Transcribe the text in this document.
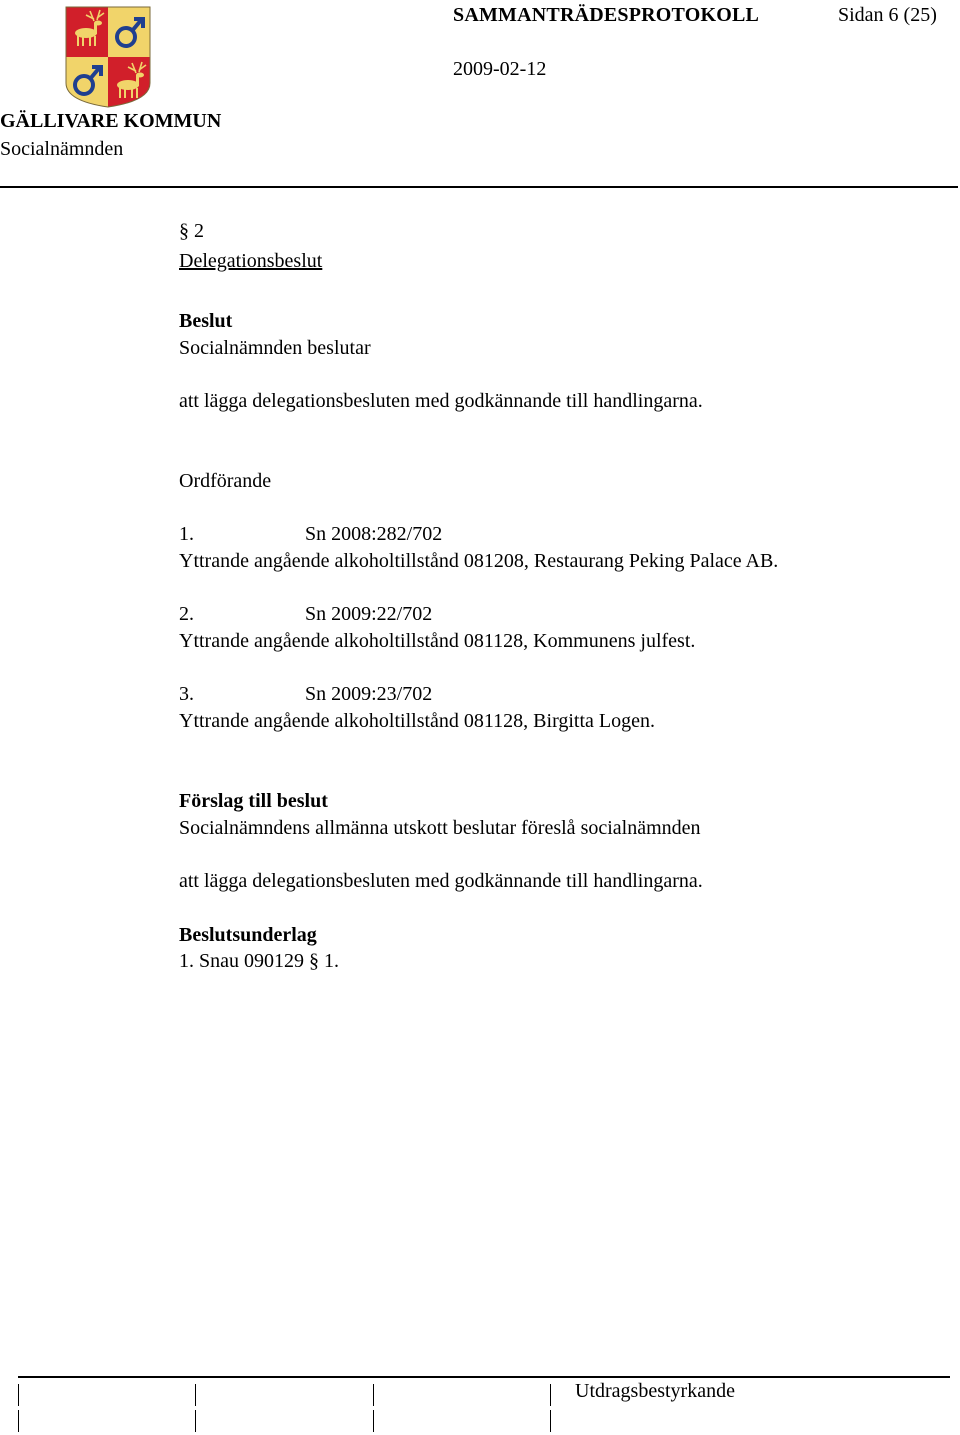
SAMMANTRÄDESPROTOKOLL	Sidan 6 (25)
2009-02-12
GÄLLIVARE KOMMUN
Socialnämnden
§ 2
Delegationsbeslut
Beslut
Socialnämnden beslutar
att lägga delegationsbesluten med godkännande till handlingarna.
Ordförande
1.	Sn 2008:282/702
Yttrande angående alkoholtillstånd 081208, Restaurang Peking Palace AB.
2.	Sn 2009:22/702
Yttrande angående alkoholtillstånd 081128, Kommunens julfest.
3.	Sn 2009:23/702
Yttrande angående alkoholtillstånd 081128, Birgitta Logen.
Förslag till beslut
Socialnämndens allmänna utskott beslutar föreslå socialnämnden
att lägga delegationsbesluten med godkännande till handlingarna.
Beslutsunderlag
1. Snau 090129 § 1.
Utdragsbestyrkande
